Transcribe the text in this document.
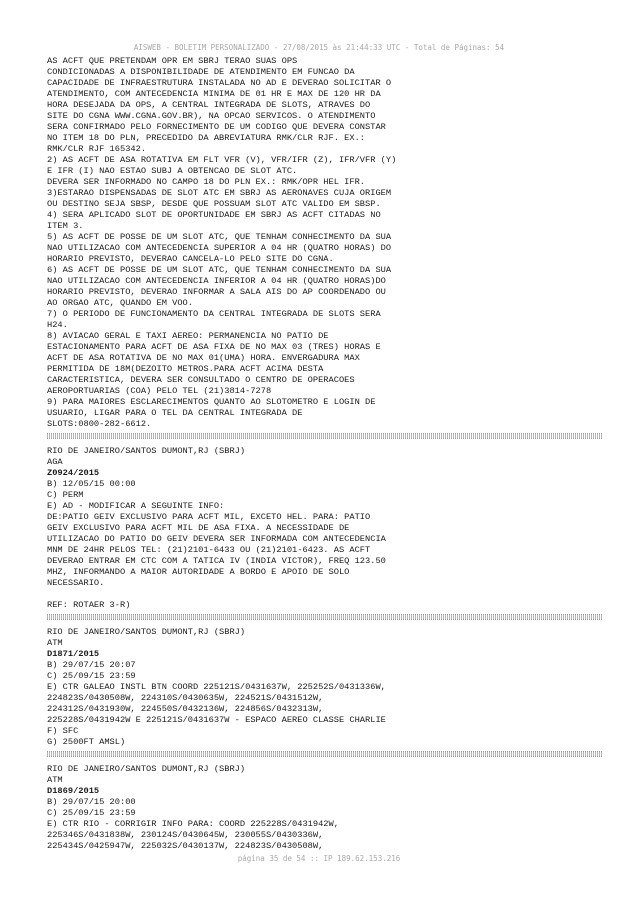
AISWEB - BOLETIM PERSONALIZADO - 27/08/2015 às 21:44:33 UTC - Total de Páginas: 54
AS ACFT QUE PRETENDAM OPR EM SBRJ TERAO SUAS OPS
CONDICIONADAS A DISPONIBILIDADE DE ATENDIMENTO EM FUNCAO DA
CAPACIDADE DE INFRAESTRUTURA INSTALADA NO AD E DEVERAO SOLICITAR O
ATENDIMENTO, COM ANTECEDENCIA MINIMA DE 01 HR E MAX DE 120 HR DA
HORA DESEJADA DA OPS, A CENTRAL INTEGRADA DE SLOTS, ATRAVES DO
SITE DO CGNA WWW.CGNA.GOV.BR), NA OPCAO SERVICOS. O ATENDIMENTO
SERA CONFIRMADO PELO FORNECIMENTO DE UM CODIGO QUE DEVERA CONSTAR
NO ITEM 18 DO PLN, PRECEDIDO DA ABREVIATURA RMK/CLR RJF. EX.:
RMK/CLR RJF 165342.
2) AS ACFT DE ASA ROTATIVA EM FLT VFR (V), VFR/IFR (Z), IFR/VFR (Y)
E IFR (I) NAO ESTAO SUBJ A OBTENCAO DE SLOT ATC.
DEVERA SER INFORMADO NO CAMPO 18 DO PLN EX.: RMK/OPR HEL IFR.
3)ESTARAO DISPENSADAS DE SLOT ATC EM SBRJ AS AERONAVES CUJA ORIGEM
OU DESTINO SEJA SBSP, DESDE QUE POSSUAM SLOT ATC VALIDO EM SBSP.
4) SERA APLICADO SLOT DE OPORTUNIDADE EM SBRJ AS ACFT CITADAS NO
ITEM 3.
5) AS ACFT DE POSSE DE UM SLOT ATC, QUE TENHAM CONHECIMENTO DA SUA
NAO UTILIZACAO COM ANTECEDENCIA SUPERIOR A 04 HR (QUATRO HORAS) DO
HORARIO PREVISTO, DEVERAO CANCELA-LO PELO SITE DO CGNA.
6) AS ACFT DE POSSE DE UM SLOT ATC, QUE TENHAM CONHECIMENTO DA SUA
NAO UTILIZACAO COM ANTECEDENCIA INFERIOR A 04 HR (QUATRO HORAS)DO
HORARIO PREVISTO, DEVERAO INFORMAR A SALA AIS DO AP COORDENADO OU
AO ORGAO ATC, QUANDO EM VOO.
7) O PERIODO DE FUNCIONAMENTO DA CENTRAL INTEGRADA DE SLOTS SERA
H24.
8) AVIACAO GERAL E TAXI AEREO: PERMANENCIA NO PATIO DE
ESTACIONAMENTO PARA ACFT DE ASA FIXA DE NO MAX 03 (TRES) HORAS E
ACFT DE ASA ROTATIVA DE NO MAX 01(UMA) HORA. ENVERGADURA MAX
PERMITIDA DE 18M(DEZOITO METROS.PARA ACFT ACIMA DESTA
CARACTERISTICA, DEVERA SER CONSULTADO O CENTRO DE OPERACOES
AEROPORTUARIAS (COA) PELO TEL (21)3814-7278
9) PARA MAIORES ESCLARECIMENTOS QUANTO AO SLOTOMETRO E LOGIN DE
USUARIO, LIGAR PARA O TEL DA CENTRAL INTEGRADA DE
SLOTS:0800-282-6612.
RIO DE JANEIRO/SANTOS DUMONT,RJ (SBRJ)
AGA
Z0924/2015
B) 12/05/15 00:00
C) PERM
E) AD - MODIFICAR A SEGUINTE INFO:
DE:PATIO GEIV EXCLUSIVO PARA ACFT MIL, EXCETO HEL. PARA: PATIO
GEIV EXCLUSIVO PARA ACFT MIL DE ASA FIXA. A NECESSIDADE DE
UTILIZACAO DO PATIO DO GEIV DEVERA SER INFORMADA COM ANTECEDENCIA
MNM DE 24HR PELOS TEL: (21)2101-6433 OU (21)2101-6423. AS ACFT
DEVERAO ENTRAR EM CTC COM A TATICA IV (INDIA VICTOR), FREQ 123.50
MHZ, INFORMANDO A MAIOR AUTORIDADE A BORDO E APOIO DE SOLO
NECESSARIO.
REF: ROTAER 3-R)
RIO DE JANEIRO/SANTOS DUMONT,RJ (SBRJ)
ATM
D1871/2015
B) 29/07/15 20:07
C) 25/09/15 23:59
E) CTR GALEAO INSTL BTN COORD 225121S/0431637W, 225252S/0431336W,
224823S/0430508W, 224310S/0430635W, 224521S/0431512W,
224312S/0431930W, 224550S/0432136W, 224856S/0432313W,
225228S/0431942W E 225121S/0431637W - ESPACO AEREO CLASSE CHARLIE
F) SFC
G) 2500FT AMSL)
RIO DE JANEIRO/SANTOS DUMONT,RJ (SBRJ)
ATM
D1869/2015
B) 29/07/15 20:00
C) 25/09/15 23:59
E) CTR RIO - CORRIGIR INFO PARA: COORD 225228S/0431942W,
225346S/0431838W, 230124S/0430645W, 230055S/0430336W,
225434S/0425947W, 225032S/0430137W, 224823S/0430508W,
página 35 de 54 :: IP 189.62.153.216
